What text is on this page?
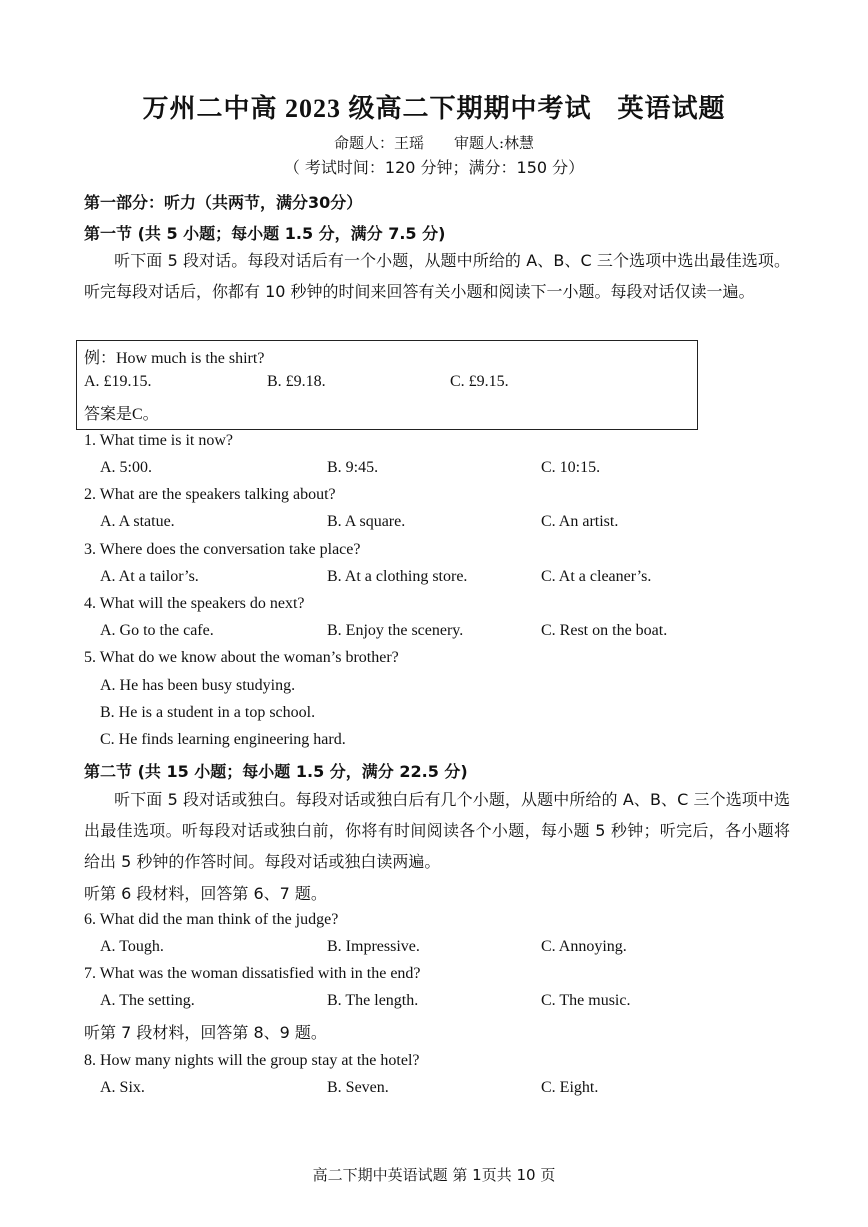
万州二中高 2023 级高二下期期中考试 英语试题
命题人：王瑶 审题人:林慧
（ 考试时间：120 分钟；满分：150 分）
第一部分：听力（共两节，满分30分）
第一节 (共 5 小题；每小题 1.5 分，满分 7.5 分)
听下面 5 段对话。每段对话后有一个小题，从题中所给的 A、B、C 三个选项中选出最佳选项。听完每段对话后，你都有 10 秒钟的时间来回答有关小题和阅读下一小题。每段对话仅读一遍。
例：How much is the shirt?
A. £19.15.	B. £9.18.	C. £9.15.
答案是C。
1. What time is it now?
A. 5:00.	B. 9:45.	C. 10:15.
2. What are the speakers talking about?
A. A statue.	B. A square.	C. An artist.
3. Where does the conversation take place?
A. At a tailor’s.	B. At a clothing store.	C. At a cleaner’s.
4. What will the speakers do next?
A. Go to the cafe.	B. Enjoy the scenery.	C. Rest on the boat.
5. What do we know about the woman’s brother?
A. He has been busy studying.
B. He is a student in a top school.
C. He finds learning engineering hard.
第二节 (共 15 小题；每小题 1.5 分，满分 22.5 分)
听下面 5 段对话或独白。每段对话或独白后有几个小题，从题中所给的 A、B、C 三个选项中选出最佳选项。听每段对话或独白前，你将有时间阅读各个小题，每小题 5 秒钟；听完后，各小题将给出 5 秒钟的作答时间。每段对话或独白读两遍。
听第 6 段材料，回答第 6、7 题。
6. What did the man think of the judge?
A. Tough.	B. Impressive.	C. Annoying.
7. What was the woman dissatisfied with in the end?
A. The setting.	B. The length.	C. The music.
听第 7 段材料，回答第 8、9 题。
8. How many nights will the group stay at the hotel?
A. Six.	B. Seven.	C. Eight.
高二下期中英语试题 第 1页共 10 页
